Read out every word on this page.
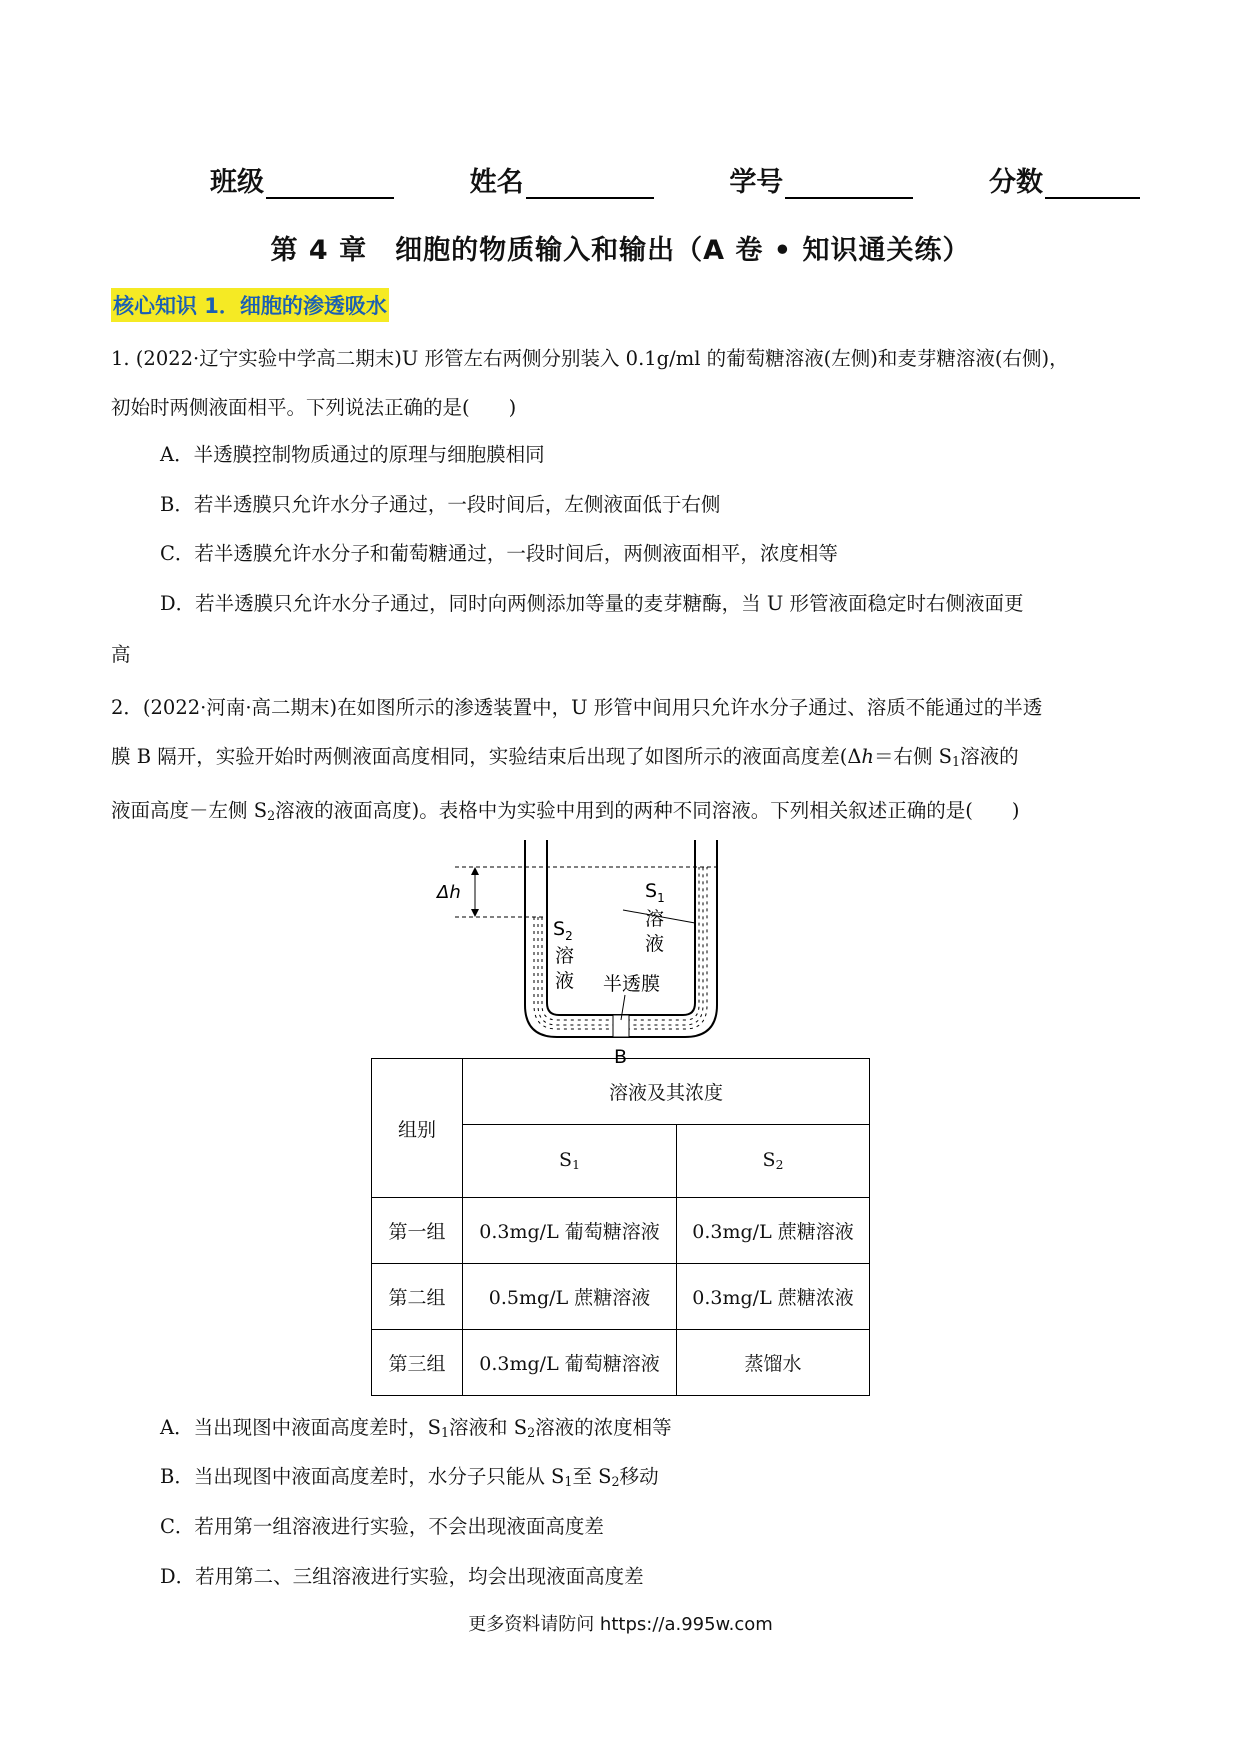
班级	姓名	学号	分数
第 4 章　细胞的物质输入和输出（A 卷 • 知识通关练）
核心知识 1．细胞的渗透吸水
1. (2022·辽宁实验中学高二期末)U 形管左右两侧分别装入 0.1g/ml 的葡萄糖溶液(左侧)和麦芽糖溶液(右侧)，
初始时两侧液面相平。下列说法正确的是(　　)
A．半透膜控制物质通过的原理与细胞膜相同
B．若半透膜只允许水分子通过，一段时间后，左侧液面低于右侧
C．若半透膜允许水分子和葡萄糖通过，一段时间后，两侧液面相平，浓度相等
D．若半透膜只允许水分子通过，同时向两侧添加等量的麦芽糖酶，当 U 形管液面稳定时右侧液面更
高
2．(2022·河南·高二期末)在如图所示的渗透装置中，U 形管中间用只允许水分子通过、溶质不能通过的半透
膜 B 隔开，实验开始时两侧液面高度相同，实验结束后出现了如图所示的液面高度差(Δh＝右侧 $S_1$溶液的
液面高度－左侧 $S_2$溶液的液面高度)。表格中为实验中用到的两种不同溶液。下列相关叙述正确的是(　　)
Δh
$S_2$
溶
液
$S_1$
溶
液
半透膜
B
组别	溶液及其浓度	
	$S_1$	$S_2$
第一组	0.3mg/L 葡萄糖溶液	0.3mg/L 蔗糖溶液
第二组	0.5mg/L 蔗糖溶液	0.3mg/L 蔗糖浓液
第三组	0.3mg/L 葡萄糖溶液	蒸馏水
A．当出现图中液面高度差时，$S_1$溶液和 $S_2$溶液的浓度相等
B．当出现图中液面高度差时，水分子只能从 $S_1$至 $S_2$移动
C．若用第一组溶液进行实验，不会出现液面高度差
D．若用第二、三组溶液进行实验，均会出现液面高度差
更多资料请防问 https://a.995w.com
